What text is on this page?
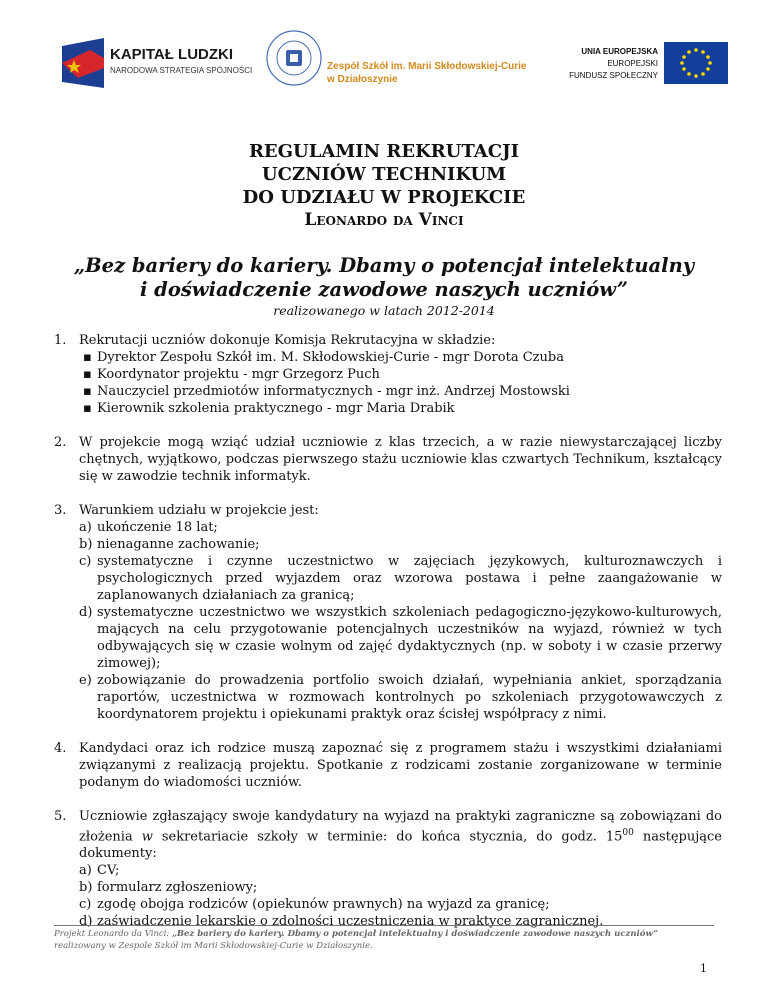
KAPITAŁ LUDZKI
NARODOWA STRATEGIA SPÓJNOŚCI	Zespół Szkół im. Marii Skłodowskiej-Curie
w Działoszynie
UNIA EUROPEJSKA
EUROPEJSKI
FUNDUSZ SPOŁECZNY
REGULAMIN REKRUTACJI
UCZNIÓW TECHNIKUM
DO UDZIAŁU W PROJEKCIE
Leonardo da Vinci
„Bez bariery do kariery. Dbamy o potencjał intelektualny
i doświadczenie zawodowe naszych uczniów”
realizowanego w latach 2012-2014
1. Rekrutacji uczniów dokonuje Komisja Rekrutacyjna w składzie:
▪ Dyrektor Zespołu Szkół im. M. Skłodowskiej-Curie - mgr Dorota Czuba
▪ Koordynator projektu - mgr Grzegorz Puch
▪ Nauczyciel przedmiotów informatycznych - mgr inż. Andrzej Mostowski
▪ Kierownik szkolenia praktycznego - mgr Maria Drabik
2. W projekcie mogą wziąć udział uczniowie z klas trzecich, a w razie niewystarczającej liczby chętnych, wyjątkowo, podczas pierwszego stażu uczniowie klas czwartych Technikum, kształcący się w zawodzie technik informatyk.
3. Warunkiem udziału w projekcie jest:
a) ukończenie 18 lat;
b) nienaganne zachowanie;
c) systematyczne i czynne uczestnictwo w zajęciach językowych, kulturoznawczych i psychologicznych przed wyjazdem oraz wzorowa postawa i pełne zaangażowanie w zaplanowanych działaniach za granicą;
d) systematyczne uczestnictwo we wszystkich szkoleniach pedagogiczno-językowo-kulturowych, mających na celu przygotowanie potencjalnych uczestników na wyjazd, również w tych odbywających się w czasie wolnym od zajęć dydaktycznych (np. w soboty i w czasie przerwy zimowej);
e) zobowiązanie do prowadzenia portfolio swoich działań, wypełniania ankiet, sporządzania raportów, uczestnictwa w rozmowach kontrolnych po szkoleniach przygotowawczych z koordynatorem projektu i opiekunami praktyk oraz ścisłej współpracy z nimi.
4. Kandydaci oraz ich rodzice muszą zapoznać się z programem stażu i wszystkimi działaniami związanymi z realizacją projektu. Spotkanie z rodzicami zostanie zorganizowane w terminie podanym do wiadomości uczniów.
5. Uczniowie zgłaszający swoje kandydatury na wyjazd na praktyki zagraniczne są zobowiązani do złożenia w sekretariacie szkoły w terminie: do końca stycznia, do godz. $15^{00}$ następujące dokumenty:
a) CV;
b) formularz zgłoszeniowy;
c) zgodę obojga rodziców (opiekunów prawnych) na wyjazd za granicę;
d) zaświadczenie lekarskie o zdolności uczestniczenia w praktyce zagranicznej.
Projekt Leonardo da Vinci: „Bez bariery do kariery. Dbamy o potencjał intelektualny i doświadczenie zawodowe naszych uczniów”
realizowany w Zespole Szkół im Marii Skłodowskiej-Curie w Działoszynie.
1
